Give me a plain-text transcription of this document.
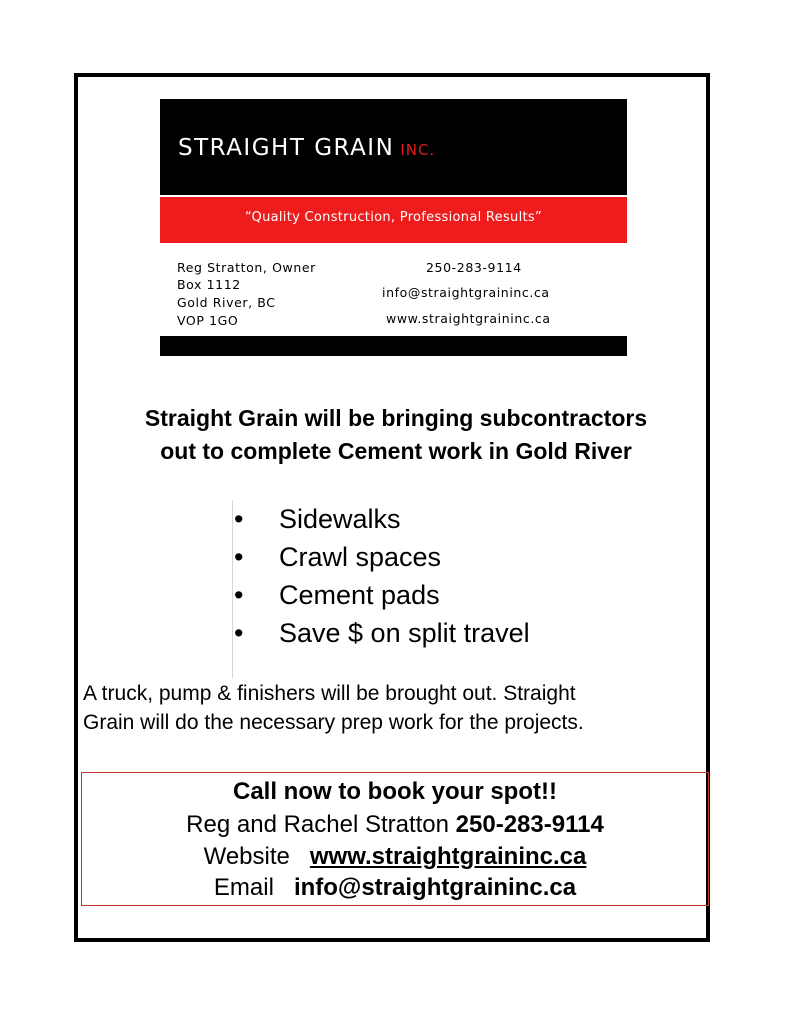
STRAIGHT GRAIN INC.
“Quality Construction, Professional Results”
Reg Stratton, Owner
Box 1112
Gold River, BC
VOP 1GO
250-283-9114
info@straightgraininc.ca
www.straightgraininc.ca
Straight Grain will be bringing subcontractors
out to complete Cement work in Gold River
•	Sidewalks
•	Crawl spaces
•	Cement pads
•	Save $ on split travel
A truck, pump & finishers will be brought out. Straight
Grain will do the necessary prep work for the projects.
Call now to book your spot!!
Reg and Rachel Stratton 250-283-9114
Website www.straightgraininc.ca
Email info@straightgraininc.ca
